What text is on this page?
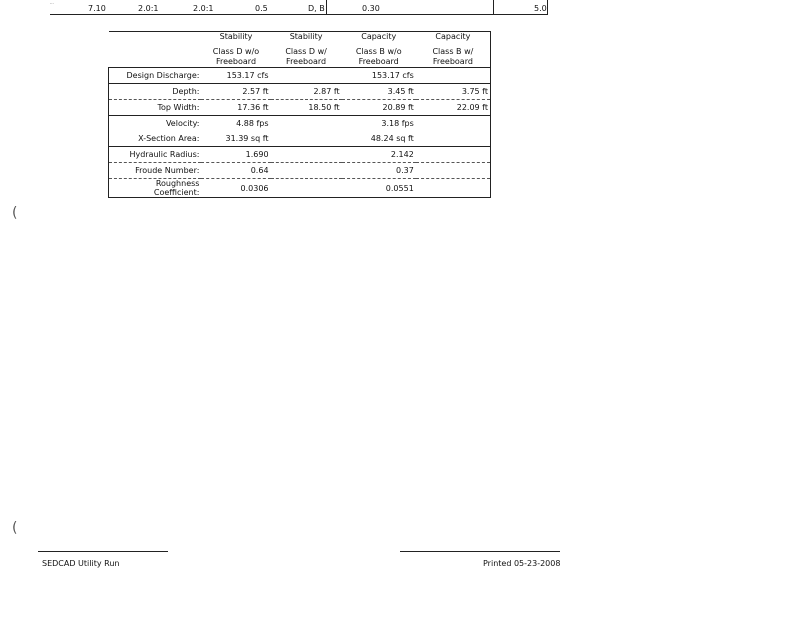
...
7.10	2.0:1	2.0:1	0.5	D, B	0.30	5.0
	Stability	Stability	Capacity	Capacity
	Class D w/o Freeboard	Class D w/ Freeboard	Class B w/o Freeboard	Class B w/ Freeboard
Design Discharge:	153.17 cfs		153.17 cfs	
Depth:	2.57 ft	2.87 ft	3.45 ft	3.75 ft
Top Width:	17.36 ft	18.50 ft	20.89 ft	22.09 ft
Velocity:	4.88 fps		3.18 fps	
X-Section Area:	31.39 sq ft		48.24 sq ft	
Hydraulic Radius:	1.690		2.142	
Froude Number:	0.64		0.37	
Roughness Coefficient:	0.0306		0.0551	
(
(
SEDCAD Utility Run	Printed 05-23-2008
